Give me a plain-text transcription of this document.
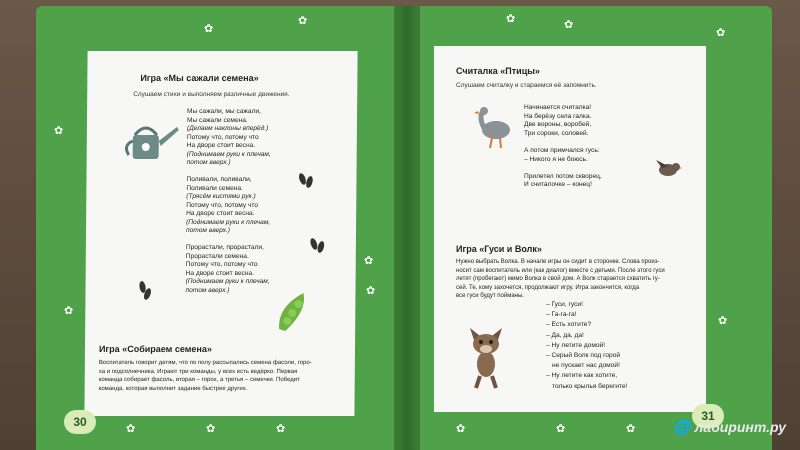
✿
✿	✿	✿
✿
✿
✿
✿
✿	✿	✿
✿
✿
✿	✿	✿
Игра «Мы сажали семена»
Слушаем стихи и выполняем различные движения.
Мы сажали, мы сажали,
Мы сажали семена.
(Делаем наклоны вперёд.)
Потому что, потому что
На дворе стоит весна.
(Поднимаем руки к плечам,
потом вверх.)

Поливали, поливали,
Поливали семена.
(Трясём кистями рук.)
Потому что, потому что
На дворе стоит весна.
(Поднимаем руки к плечам,
потом вверх.)

Прорастали, прорастали,
Прорастали семена.
Потому что, потому что
На дворе стоит весна.
(Поднимаем руки к плечам,
потом вверх.)
Игра «Собираем семена»
Воспитатель говорит детям, что по полу рассыпались семена фасоли, горо-
ха и подсолнечника. Играют три команды, у всех есть ведёрко. Первая
команда собирает фасоль, вторая – горох, а третья – семечки. Победит
команда, которая выполнит задание быстрее других.
30
Считалка «Птицы»
Слушаем считалку и стараемся её запомнить.
Начинается считалка!
На берёзу села галка.
Две вороны, воробей,
Три сороки, соловей.

А потом примчался гусь:
– Никого я не боюсь.

Прилетел потом скворец,
И считалочке – конец!
Игра «Гуси и Волк»
Нужно выбрать Волка. В начале игры он сидит в сторонке. Слова произ-
носит сам воспитатель или (как диалог) вместе с детьми. После этого гуси
летят (пробегают) мимо Волка в свой дом. А Волк старается схватить гу-
сей. Те, кому захочется, продолжают игру. Игра закончится, когда
все гуси будут пойманы.
– Гуси, гуси!
– Га-га-га!
– Есть хотите?
– Да, да, да!
– Ну летите домой!
– Серый Волк под горой
не пускает нас домой!
– Ну летите как хотите,
только крылья берегите!
31
🌐 лабиринт.ру
